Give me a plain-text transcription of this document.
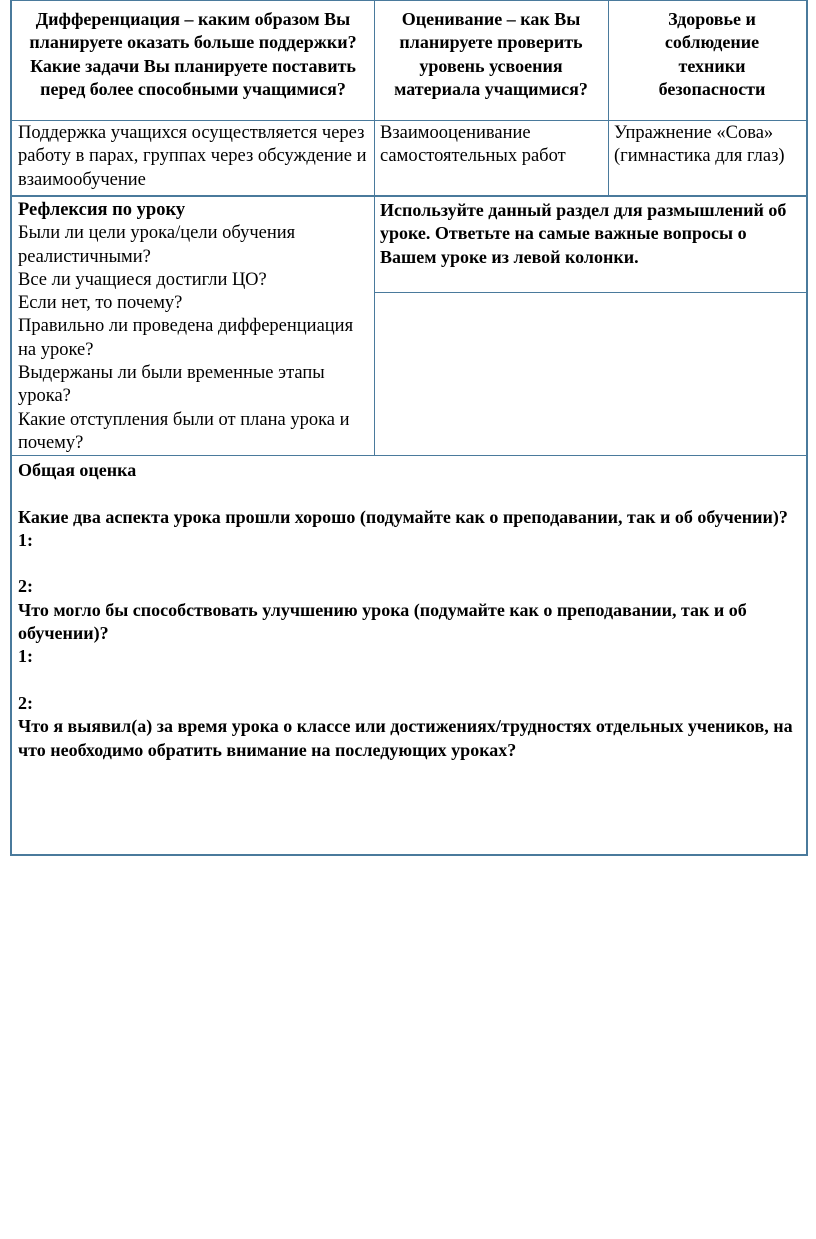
Дифференциация – каким образом Вы планируете оказать больше поддержки? Какие задачи Вы планируете поставить перед более способными учащимися?
Оценивание – как Вы планируете проверить уровень усвоения материала учащимися?
Здоровье и соблюдение техники безопасности
Поддержка учащихся осуществляется через работу в парах, группах через обсуждение и взаимообучение
Взаимооценивание самостоятельных работ
Упражнение «Сова» (гимнастика для глаз)
Рефлексия по уроку
Были ли цели урока/цели обучения реалистичными?
Все ли учащиеся достигли ЦО?
Если нет, то почему?
Правильно ли проведена дифференциация на уроке?
Выдержаны ли были временные этапы урока?
Какие отступления были от плана урока и почему?
Используйте данный раздел для размышлений об уроке. Ответьте на самые важные вопросы о Вашем уроке из левой колонки.
Общая оценка
Какие два аспекта урока прошли хорошо (подумайте как о преподавании, так и об обучении)?
1:
2:
Что могло бы способствовать улучшению урока (подумайте как о преподавании, так и об обучении)?
1:
2:
Что я выявил(а) за время урока о классе или достижениях/трудностях отдельных учеников, на что необходимо обратить внимание на последующих уроках?
